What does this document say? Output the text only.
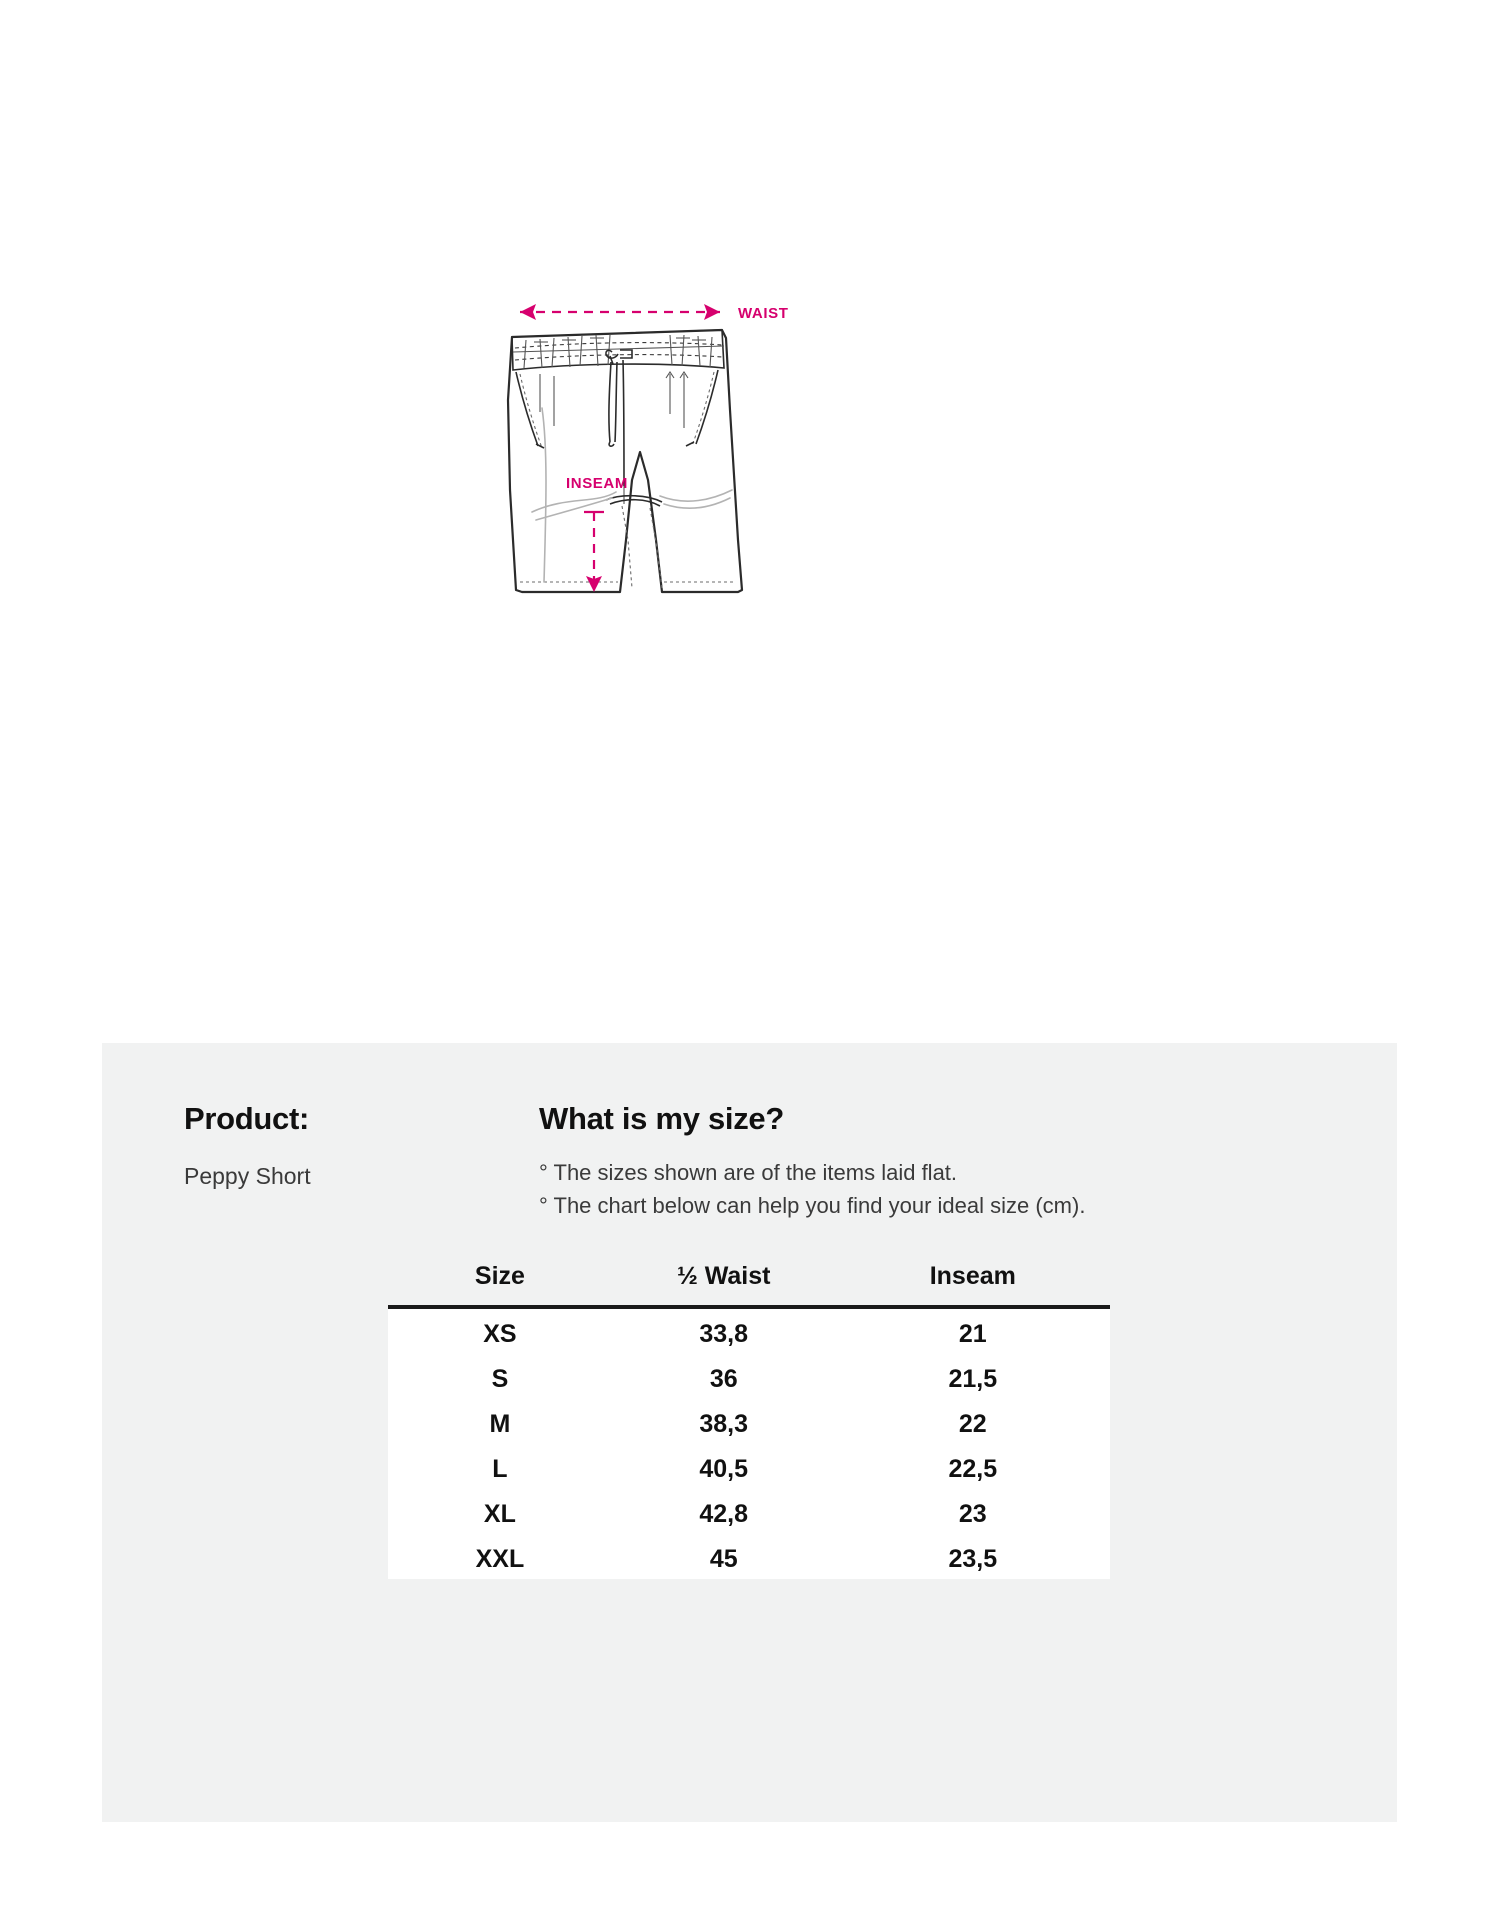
WAIST
INSEAM
Product:
Peppy Short
What is my size?
° The sizes shown are of the items laid flat.
° The chart below can help you find your ideal size (cm).
Size	½ Waist	Inseam

XS	33,8	21

S	36	21,5

M	38,3	22

L	40,5	22,5

XL	42,8	23

XXL	45	23,5
